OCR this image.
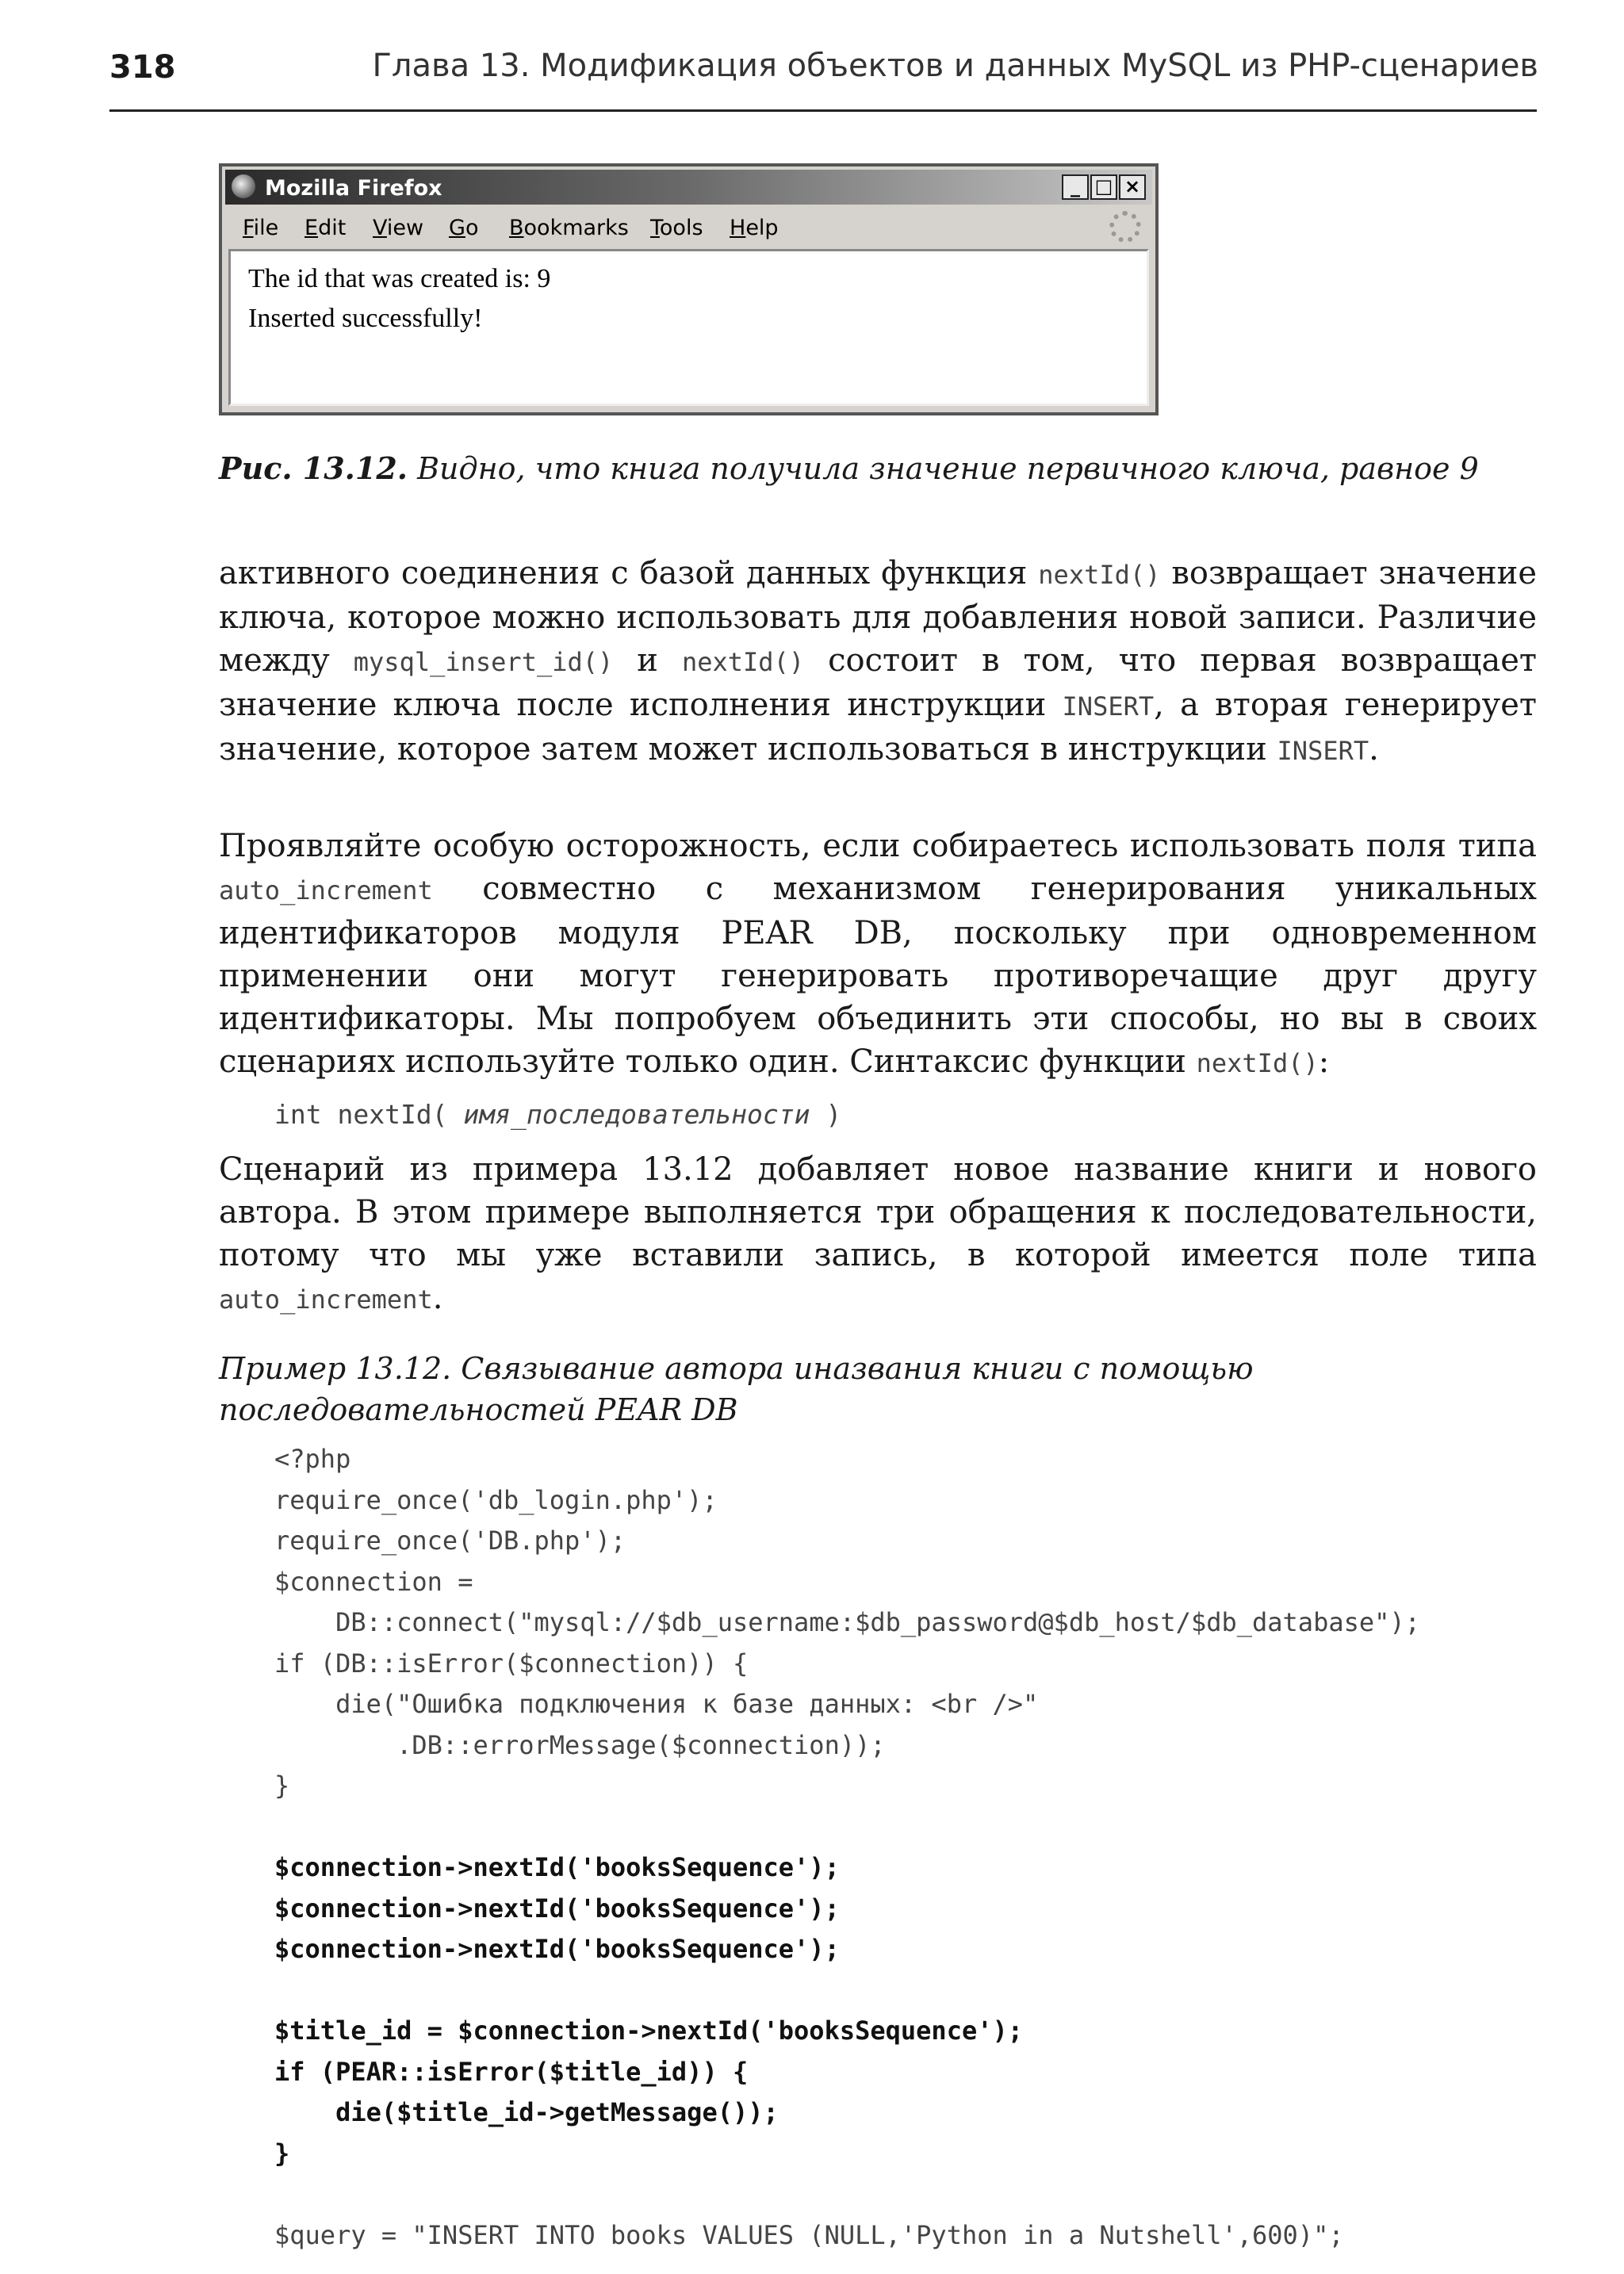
318	Глава 13. Модификация объектов и данных MySQL из PHP-сценариев
Mozilla Firefox	_ □ ×
File Edit View Go Bookmarks Tools Help
The id that was created is: 9
Inserted successfully!
Рис. 13.12. Видно, что книга получила значение первичного ключа, равное 9
активного соединения с базой данных функция nextId() возвращает значение ключа, которое можно использовать для добавления новой записи. Различие между mysql_insert_id() и nextId() состоит в том, что первая возвращает значение ключа после исполнения инструкции INSERT, а вторая генерирует значение, которое затем может использоваться в инструкции INSERT.
Проявляйте особую осторожность, если собираетесь использовать поля типа auto_increment совместно с механизмом генерирования уникальных идентификаторов модуля PEAR DB, поскольку при одновременном применении они могут генерировать противоречащие друг другу идентификаторы. Мы попробуем объединить эти способы, но вы в своих сценариях используйте только один. Синтаксис функции nextId():
int nextId( имя_последовательности )
Сценарий из примера 13.12 добавляет новое название книги и нового автора. В этом примере выполняется три обращения к последовательности, потому что мы уже вставили запись, в которой имеется поле типа auto_increment.
Пример 13.12. Связывание автора иназвания книги с помощью последовательностей PEAR DB
<?php
require_once('db_login.php');
require_once('DB.php');
$connection =
DB::connect("mysql://$db_username:$db_password@$db_host/$db_database");
if (DB::isError($connection)) {
die("Ошибка подключения к базе данных: <br />"
.DB::errorMessage($connection));
}

$connection->nextId('booksSequence');
$connection->nextId('booksSequence');
$connection->nextId('booksSequence');

$title_id = $connection->nextId('booksSequence');
if (PEAR::isError($title_id)) {
die($title_id->getMessage());
}

$query = "INSERT INTO books VALUES (NULL,'Python in a Nutshell',600)";
